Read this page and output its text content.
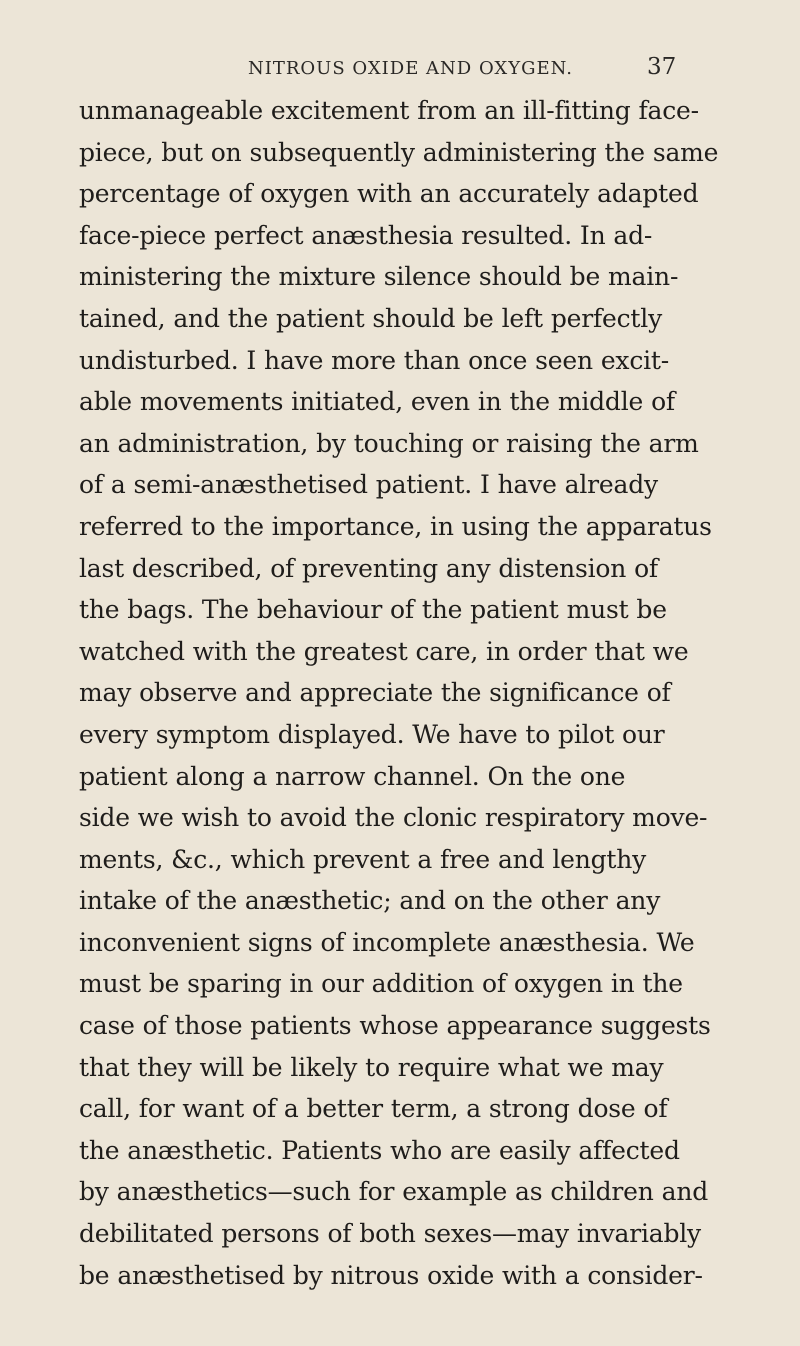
NITROUS OXIDE AND OXYGEN.	37
unmanageable excitement from an ill-fitting face-
piece, but on subsequently administering the same
percentage of oxygen with an accurately adapted
face-piece perfect anæsthesia resulted. In ad-
ministering the mixture silence should be main-
tained, and the patient should be left perfectly
undisturbed. I have more than once seen excit-
able movements initiated, even in the middle of
an administration, by touching or raising the arm
of a semi-anæsthetised patient. I have already
referred to the importance, in using the apparatus
last described, of preventing any distension of
the bags. The behaviour of the patient must be
watched with the greatest care, in order that we
may observe and appreciate the significance of
every symptom displayed. We have to pilot our
patient along a narrow channel. On the one
side we wish to avoid the clonic respiratory move-
ments, &c., which prevent a free and lengthy
intake of the anæsthetic; and on the other any
inconvenient signs of incomplete anæsthesia. We
must be sparing in our addition of oxygen in the
case of those patients whose appearance suggests
that they will be likely to require what we may
call, for want of a better term, a strong dose of
the anæsthetic. Patients who are easily affected
by anæsthetics—such for example as children and
debilitated persons of both sexes—may invariably
be anæsthetised by nitrous oxide with a consider-
